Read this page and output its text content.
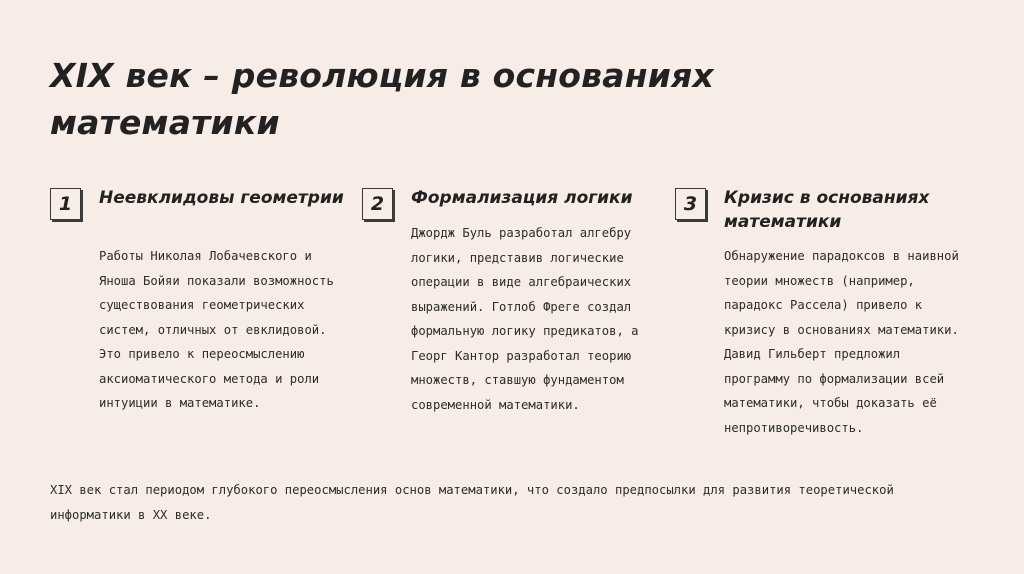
XIX век – революция в основаниях
математики
1	Неевклидовы геометрии

Работы Николая Лобачевского и
Яноша Бойяи показали возможность
существования геометрических
систем, отличных от евклидовой.
Это привело к переосмыслению
аксиоматического метода и роли
интуиции в математике.

2	Формализация логики

Джордж Буль разработал алгебру
логики, представив логические
операции в виде алгебраических
выражений. Готлоб Фреге создал
формальную логику предикатов, а
Георг Кантор разработал теорию
множеств, ставшую фундаментом
современной математики.

3	Кризис в основаниях математики

Обнаружение парадоксов в наивной
теории множеств (например,
парадокс Рассела) привело к
кризису в основаниях математики.
Давид Гильберт предложил
программу по формализации всей
математики, чтобы доказать её
непротиворечивость.

XIX век стал периодом глубокого переосмысления основ математики, что создало предпосылки для развития теоретической
информатики в XX веке.
